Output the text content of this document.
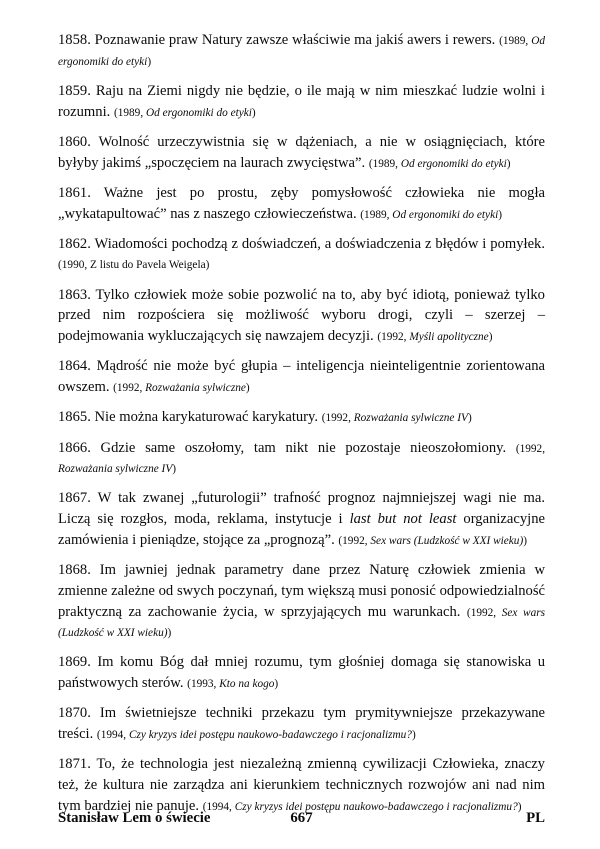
1858. Poznawanie praw Natury zawsze właściwie ma jakiś awers i rewers. (1989, Od ergonomiki do etyki)

1859. Raju na Ziemi nigdy nie będzie, o ile mają w nim mieszkać ludzie wolni i rozumni. (1989, Od ergonomiki do etyki)

1860. Wolność urzeczywistnia się w dążeniach, a nie w osiągnięciach, które byłyby jakimś „spoczęciem na laurach zwycięstwa”. (1989, Od ergonomiki do etyki)

1861. Ważne jest po prostu, zęby pomysłowość człowieka nie mogła „wykatapultować” nas z naszego człowieczeństwa. (1989, Od ergonomiki do etyki)

1862. Wiadomości pochodzą z doświadczeń, a doświadczenia z błędów i pomyłek. (1990, Z listu do Pavela Weigela)

1863. Tylko człowiek może sobie pozwolić na to, aby być idiotą, ponieważ tylko przed nim rozpościera się możliwość wyboru drogi, czyli – szerzej – podejmowania wykluczających się nawzajem decyzji. (1992, Myśli apolityczne)

1864. Mądrość nie może być głupia – inteligencja nieinteligentnie zorientowana owszem. (1992, Rozważania sylwiczne)

1865. Nie można karykaturować karykatury. (1992, Rozważania sylwiczne IV)

1866. Gdzie same oszołomy, tam nikt nie pozostaje nieoszołomiony. (1992, Rozważania sylwiczne IV)

1867. W tak zwanej „futurologii” trafność prognoz najmniejszej wagi nie ma. Liczą się rozgłos, moda, reklama, instytucje i last but not least organizacyjne zamówienia i pieniądze, stojące za „prognozą”. (1992, Sex wars (Ludzkość w XXI wieku))

1868. Im jawniej jednak parametry dane przez Naturę człowiek zmienia w zmienne zależne od swych poczynań, tym większą musi ponosić odpowiedzialność praktyczną za zachowanie życia, w sprzyjających mu warunkach. (1992, Sex wars (Ludzkość w XXI wieku))

1869. Im komu Bóg dał mniej rozumu, tym głośniej domaga się stanowiska u państwowych sterów. (1993, Kto na kogo)

1870. Im świetniejsze techniki przekazu tym prymitywniejsze przekazywane treści. (1994, Czy kryzys idei postępu naukowo-badawczego i racjonalizmu?)

1871. To, że technologia jest niezależną zmienną cywilizacji Człowieka, znaczy też, że kultura nie zarządza ani kierunkiem technicznych rozwojów ani nad nim tym bardziej nie panuje. (1994, Czy kryzys idei postępu naukowo-badawczego i racjonalizmu?)

Stanisław Lem o świecie	667	PL
